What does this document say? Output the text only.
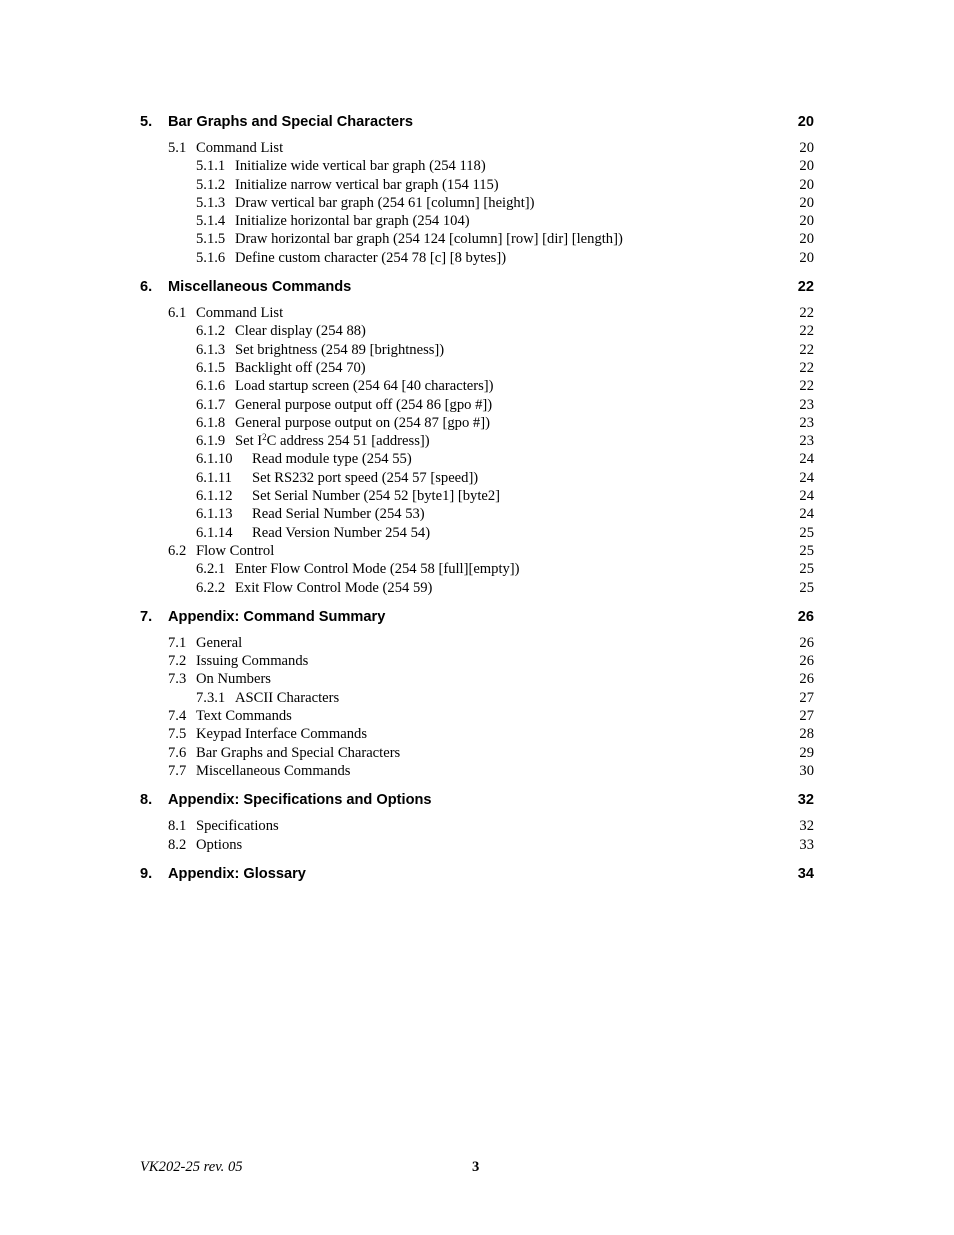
5. Bar Graphs and Special Characters	20
5.1 Command List	20
5.1.1 Initialize wide vertical bar graph (254 118)	20
5.1.2 Initialize narrow vertical bar graph (154 115)	20
5.1.3 Draw vertical bar graph (254 61 [column] [height])	20
5.1.4 Initialize horizontal bar graph (254 104)	20
5.1.5 Draw horizontal bar graph (254 124 [column] [row] [dir] [length])	20
5.1.6 Define custom character (254 78 [c] [8 bytes])	20
6. Miscellaneous Commands	22
6.1 Command List	22
6.1.2 Clear display (254 88)	22
6.1.3 Set brightness (254 89 [brightness])	22
6.1.5 Backlight off (254 70)	22
6.1.6 Load startup screen (254 64 [40 characters])	22
6.1.7 General purpose output off (254 86 [gpo #])	23
6.1.8 General purpose output on (254 87 [gpo #])	23
6.1.9 Set $I^2C$ address 254 51 [address])	23
6.1.10 Read module type (254 55)	24
6.1.11 Set RS232 port speed (254 57 [speed])	24
6.1.12 Set Serial Number (254 52 [byte1] [byte2]	24
6.1.13 Read Serial Number (254 53)	24
6.1.14 Read Version Number 254 54)	25
6.2 Flow Control	25
6.2.1 Enter Flow Control Mode (254 58 [full][empty])	25
6.2.2 Exit Flow Control Mode (254 59)	25
7. Appendix: Command Summary	26
7.1 General	26
7.2 Issuing Commands	26
7.3 On Numbers	26
7.3.1 ASCII Characters	27
7.4 Text Commands	27
7.5 Keypad Interface Commands	28
7.6 Bar Graphs and Special Characters	29
7.7 Miscellaneous Commands	30
8. Appendix: Specifications and Options	32
8.1 Specifications	32
8.2 Options	33
9. Appendix: Glossary	34
VK202-25 rev. 05	3
